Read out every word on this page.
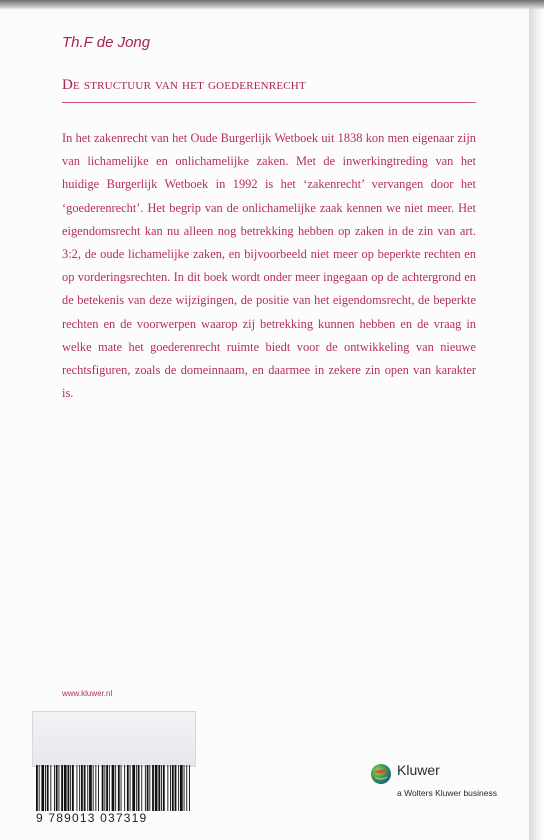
Th.F de Jong
De structuur van het goederenrecht
In het zakenrecht van het Oude Burgerlijk Wetboek uit 1838 kon men eigenaar zijn van lichamelijke en onlichamelijke zaken. Met de inwerkingtreding van het huidige Burgerlijk Wetboek in 1992 is het ‘zakenrecht’ vervangen door het ‘goederenrecht’. Het begrip van de onlichamelijke zaak kennen we niet meer. Het eigendomsrecht kan nu alleen nog betrekking hebben op zaken in de zin van art. 3:2, de oude lichamelijke zaken, en bijvoorbeeld niet meer op beperkte rechten en op vorderingsrechten. In dit boek wordt onder meer ingegaan op de achtergrond en de betekenis van deze wijzigingen, de positie van het eigendomsrecht, de beperkte rechten en de voorwerpen waarop zij betrekking kunnen hebben en de vraag in welke mate het goederenrecht ruimte biedt voor de ontwikkeling van nieuwe rechtsfiguren, zoals de domeinnaam, en daarmee in zekere zin open van karakter is.
www.kluwer.nl
9 789013 037319
Kluwer
a Wolters Kluwer business
